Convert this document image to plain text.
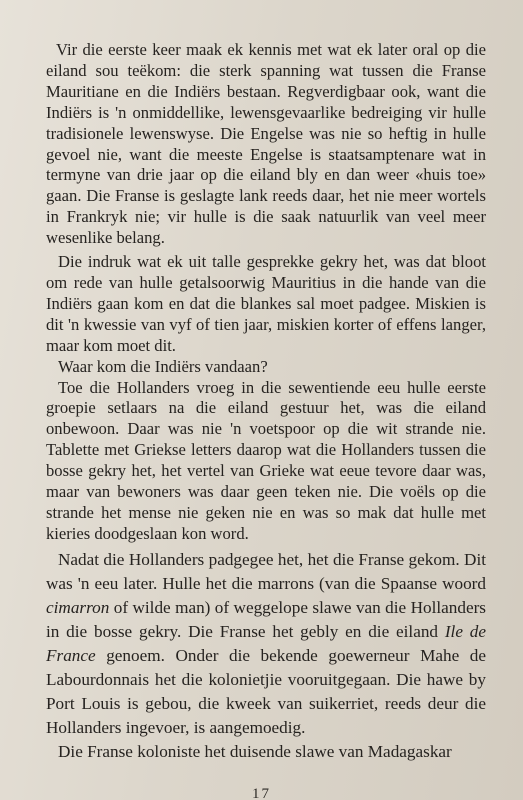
Vir die eerste keer maak ek kennis met wat ek later oral op die eiland sou teëkom: die sterk spanning wat tussen die Franse Mauritiane en die Indiërs bestaan. Regverdigbaar ook, want die Indiërs is 'n onmiddellike, lewensgevaarlike bedreiging vir hulle tradisionele lewenswyse. Die Engelse was nie so heftig in hulle gevoel nie, want die meeste Engelse is staatsamptenare wat in termyne van drie jaar op die eiland bly en dan weer «huis toe» gaan. Die Franse is geslagte lank reeds daar, het nie meer wortels in Frankryk nie; vir hulle is die saak natuurlik van veel meer wesenlike belang.

Die indruk wat ek uit talle gesprekke gekry het, was dat bloot om rede van hulle getalsoorwig Mauritius in die hande van die Indiërs gaan kom en dat die blankes sal moet padgee. Miskien is dit 'n kwessie van vyf of tien jaar, miskien korter of effens langer, maar kom moet dit.

Waar kom die Indiërs vandaan?

Toe die Hollanders vroeg in die sewentiende eeu hulle eerste groepie setlaars na die eiland gestuur het, was die eiland onbewoon. Daar was nie 'n voetspoor op die wit strande nie. Tablette met Griekse letters daarop wat die Hollanders tussen die bosse gekry het, het vertel van Grieke wat eeue tevore daar was, maar van bewoners was daar geen teken nie. Die voëls op die strande het mense nie geken nie en was so mak dat hulle met kieries doodgeslaan kon word.

Nadat die Hollanders padgegee het, het die Franse gekom. Dit was 'n eeu later. Hulle het die marrons (van die Spaanse woord cimarron of wilde man) of weggelope slawe van die Hollanders in die bosse gekry. Die Franse het gebly en die eiland Ile de France genoem. Onder die bekende goewerneur Mahe de Labourdonnais het die kolonietjie vooruitgegaan. Die hawe by Port Louis is gebou, die kweek van suikerriet, reeds deur die Hollanders ingevoer, is aangemoedig.

Die Franse koloniste het duisende slawe van Madagaskar

17
